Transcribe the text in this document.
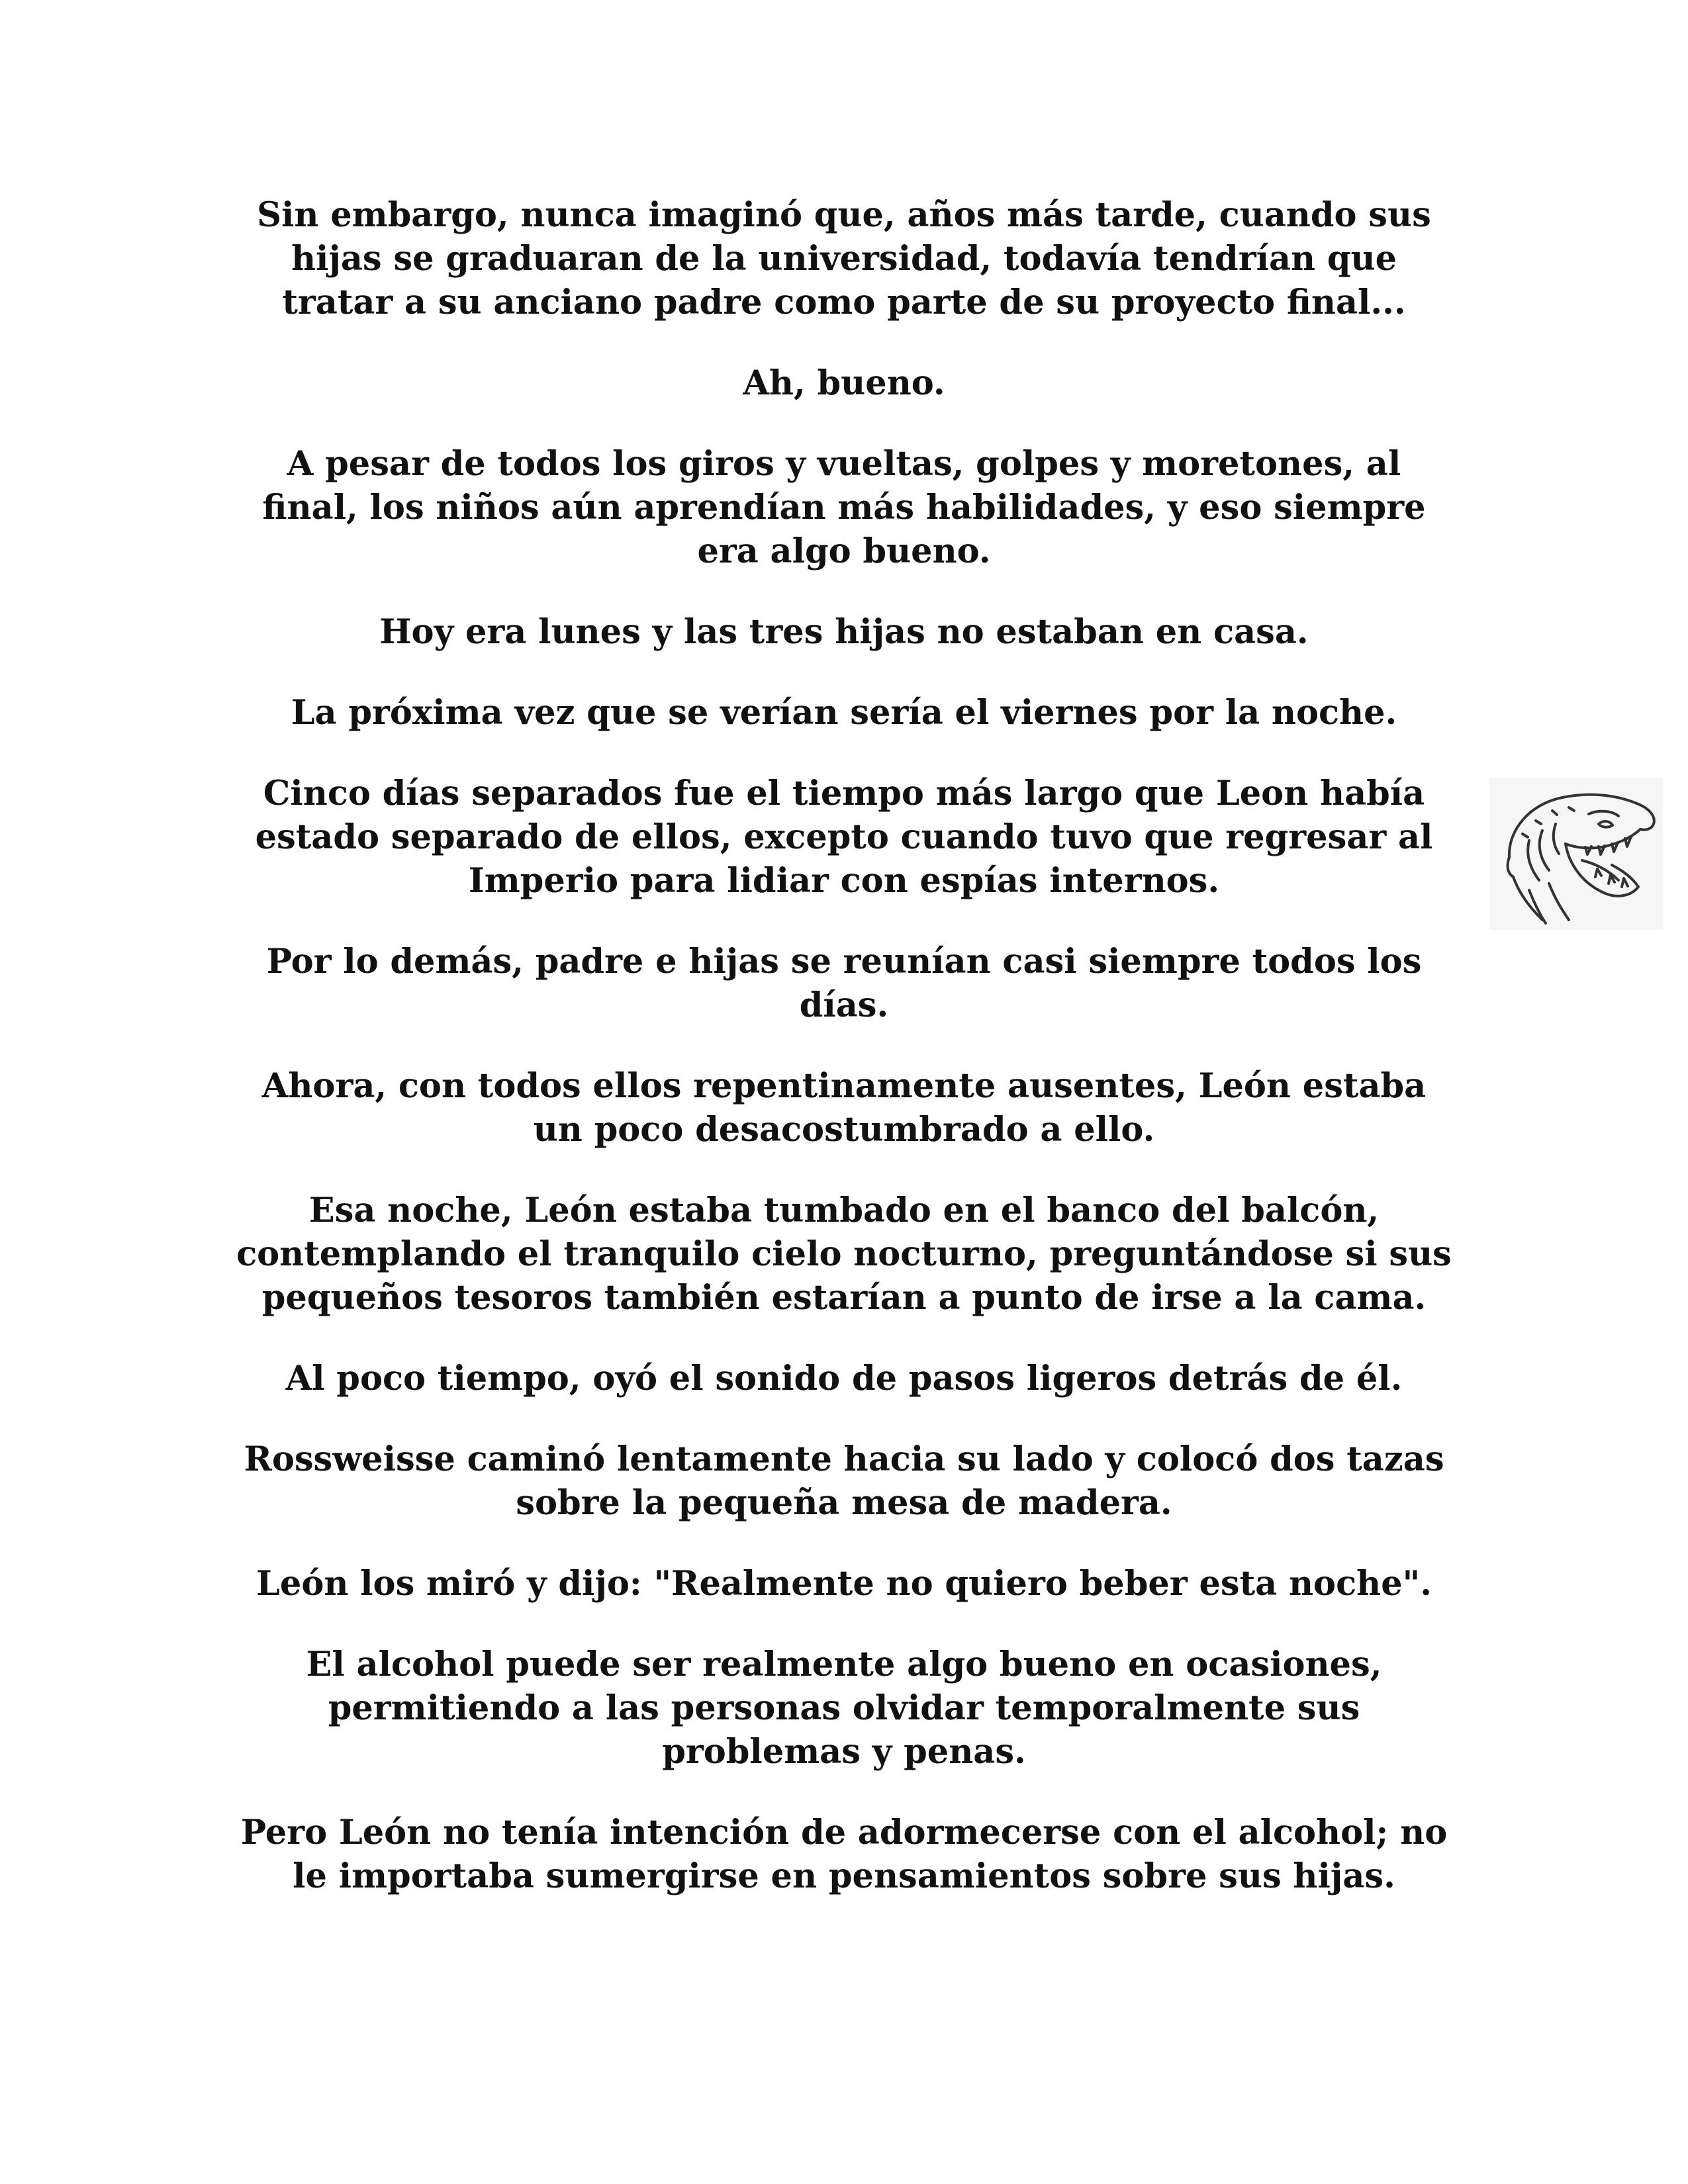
Sin embargo, nunca imaginó que, años más tarde, cuando sus hijas se graduaran de la universidad, todavía tendrían que tratar a su anciano padre como parte de su proyecto final...

Ah, bueno.

A pesar de todos los giros y vueltas, golpes y moretones, al final, los niños aún aprendían más habilidades, y eso siempre era algo bueno.

Hoy era lunes y las tres hijas no estaban en casa.

La próxima vez que se verían sería el viernes por la noche.

Cinco días separados fue el tiempo más largo que Leon había estado separado de ellos, excepto cuando tuvo que regresar al Imperio para lidiar con espías internos.

Por lo demás, padre e hijas se reunían casi siempre todos los días.

Ahora, con todos ellos repentinamente ausentes, León estaba un poco desacostumbrado a ello.

Esa noche, León estaba tumbado en el banco del balcón, contemplando el tranquilo cielo nocturno, preguntándose si sus pequeños tesoros también estarían a punto de irse a la cama.

Al poco tiempo, oyó el sonido de pasos ligeros detrás de él.

Rossweisse caminó lentamente hacia su lado y colocó dos tazas sobre la pequeña mesa de madera.

León los miró y dijo: "Realmente no quiero beber esta noche".

El alcohol puede ser realmente algo bueno en ocasiones, permitiendo a las personas olvidar temporalmente sus problemas y penas.

Pero León no tenía intención de adormecerse con el alcohol; no le importaba sumergirse en pensamientos sobre sus hijas.
